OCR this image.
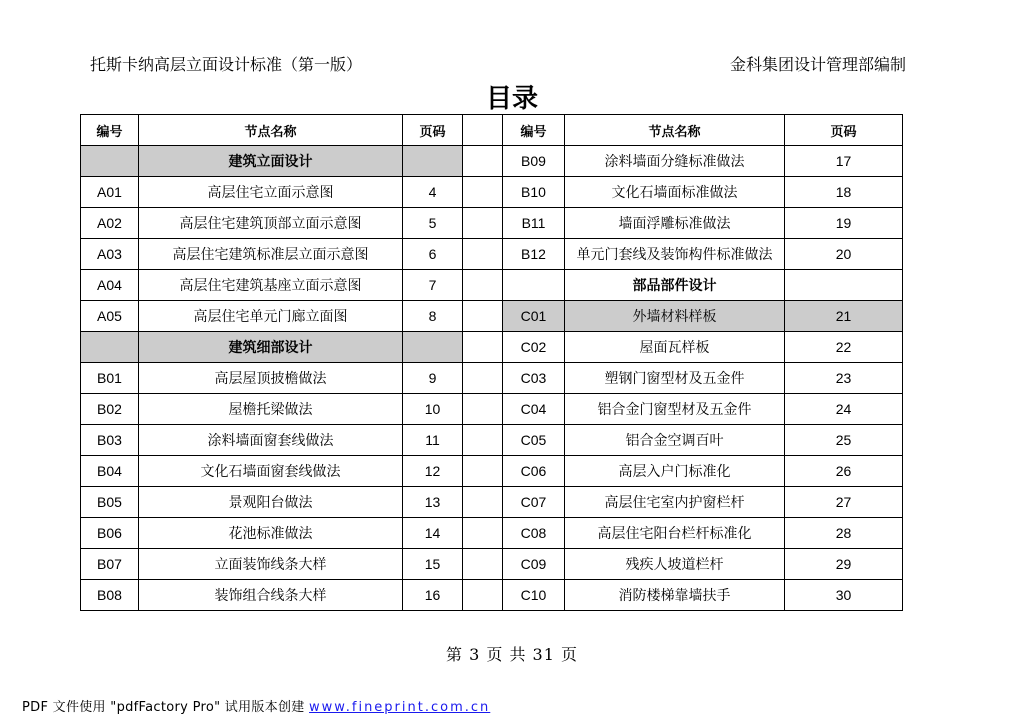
托斯卡纳高层立面设计标准（第一版）	金科集团设计管理部编制
目录
编号	节点名称	页码		编号	节点名称	页码
	建筑立面设计			B09	涂料墙面分缝标准做法	17
A01	高层住宅立面示意图	4		B10	文化石墙面标准做法	18
A02	高层住宅建筑顶部立面示意图	5		B11	墙面浮雕标准做法	19
A03	高层住宅建筑标准层立面示意图	6		B12	单元门套线及装饰构件标准做法	20
A04	高层住宅建筑基座立面示意图	7			部品部件设计	
A05	高层住宅单元门廊立面图	8		C01	外墙材料样板	21
	建筑细部设计			C02	屋面瓦样板	22
B01	高层屋顶披檐做法	9		C03	塑钢门窗型材及五金件	23
B02	屋檐托梁做法	10		C04	铝合金门窗型材及五金件	24
B03	涂料墙面窗套线做法	11		C05	铝合金空调百叶	25
B04	文化石墙面窗套线做法	12		C06	高层入户门标准化	26
B05	景观阳台做法	13		C07	高层住宅室内护窗栏杆	27
B06	花池标准做法	14		C08	高层住宅阳台栏杆标准化	28
B07	立面装饰线条大样	15		C09	残疾人坡道栏杆	29
B08	装饰组合线条大样	16		C10	消防楼梯靠墙扶手	30
第 3 页 共 31 页
PDF 文件使用 "pdfFactory Pro" 试用版本创建 www.fineprint.com.cn
